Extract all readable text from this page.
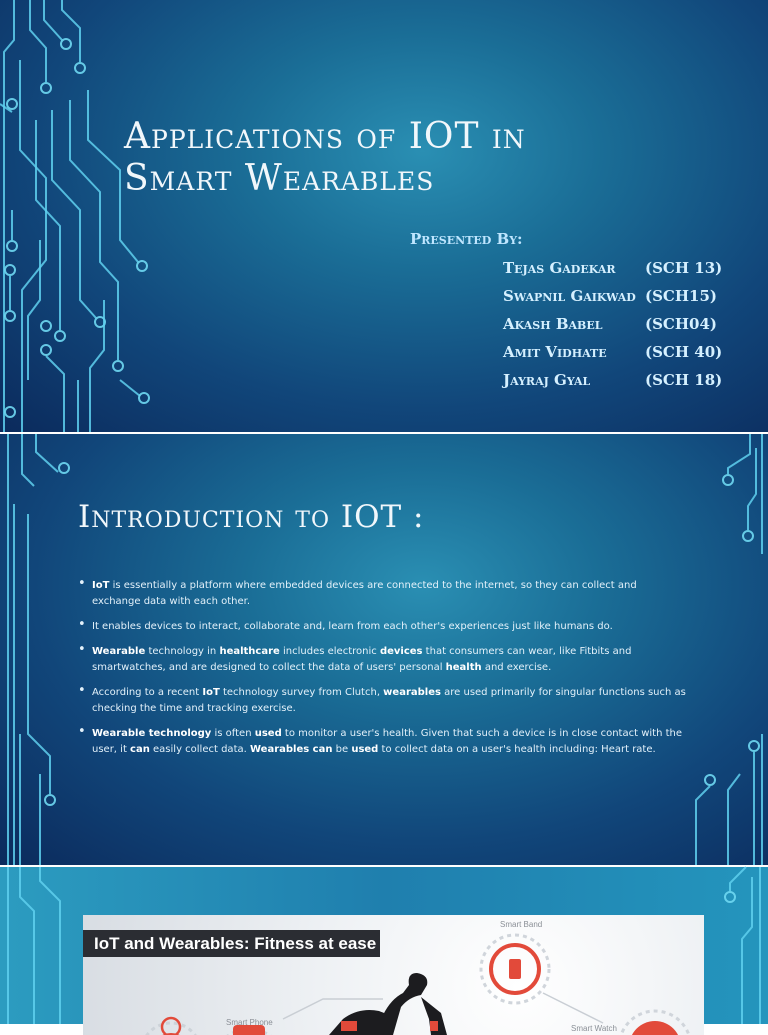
Applications of IOT in
Smart Wearables
Presented By:
Tejas Gadekar (SCH 13)
Swapnil Gaikwad (SCH15)
Akash Babel	(SCH04)
Amit Vidhate	(SCH 40)
Jayraj Gyal	(SCH 18)
Introduction to IOT :
• IoT is essentially a platform where embedded devices are connected to the internet, so they can collect and exchange data with each other.
• It enables devices to interact, collaborate and, learn from each other's experiences just like humans do.
• Wearable technology in healthcare includes electronic devices that consumers can wear, like Fitbits and smartwatches, and are designed to collect the data of users' personal health and exercise.
• According to a recent IoT technology survey from Clutch, wearables are used primarily for singular functions such as checking the time and tracking exercise.
• Wearable technology is often used to monitor a user's health. Given that such a device is in close contact with the user, it can easily collect data. Wearables can be used to collect data on a user's health including: Heart rate.
IoT and Wearables: Fitness at ease
Smart Band
Smart Phone
Smart Watch
